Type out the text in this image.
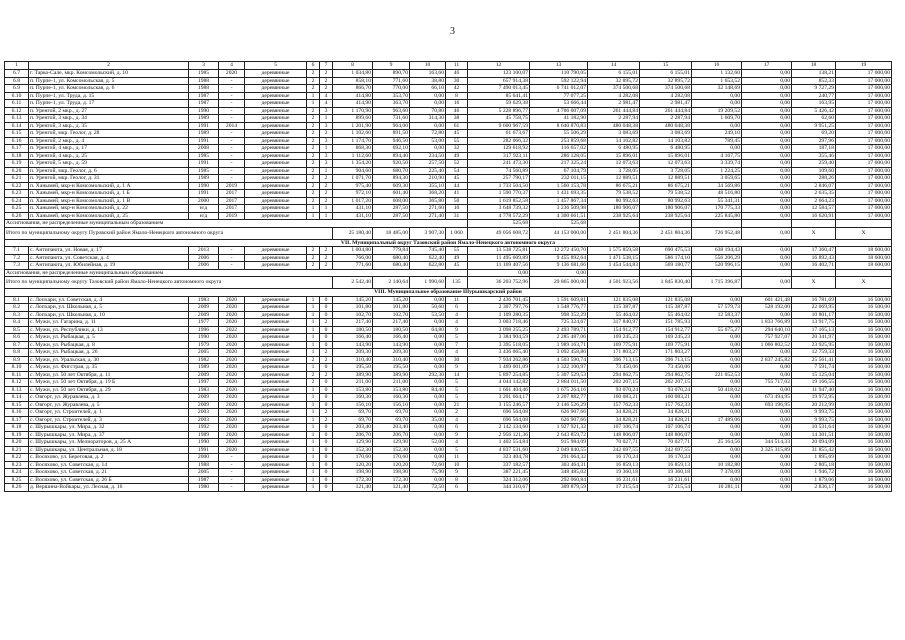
3
1	2	3	4	5	6	7	8	9	10	11	12	13	14	15	16	17	18	19
6.7	г. Тарко-Сале, мкр. Комсомольский, д. 10	1985	2020	деревянные	2	2	1 034,80	890,70	163,60	46	123 100,07	110 790,05	6 155,01	6 155,01	1 132,60	0,00	138,21	17 000,00
6.8	п. Пурпе-1, ул. Комсомольская, д. 5	1988	-	деревянные	2	2	858,10	771,60	38,80	30	657 914,38	592 122,94	32 895,72	32 895,72	1 653,52	0,00	852,33	17 000,00
6.9	п. Пурпе-1, ул. Комсомольская, д. 6	1988	-	деревянные	2	2	866,70	770,00	66,10	42	7 490 013,45	6 741 012,07	374 500,68	374 500,68	32 148,69	0,00	9 727,29	17 000,00
6.10	п. Пурпе-1, ул. Труда, д. 15	1987	-	деревянные	1	4	414,80	353,70	0,00	8	85 641,41	77 077,25	4 282,08	4 282,08	0,00	0,00	240,77	17 000,00
6.11	п. Пурпе-1, ул. Труда, д. 17	1987	-	деревянные	1	4	414,90	363,70	0,00	16	59 629,38	53 666,44	2 981,47	2 981,47	0,00	0,00	163,95	17 000,00
6.12	п. Уренгой, 2 мкр., д. 27	1990	-	деревянные	2	3	1 170,90	963,60	70,80	46	5 228 896,77	4 706 007,09	261 444,84	261 444,84	19 209,52	0,00	5 426,42	17 000,00
6.13	п. Уренгой, 3 мкр., д. 34	1989	-	деревянные	2	1	899,60	731,60	314,30	38	45 758,75	41 182,90	2 287,94	2 287,94	1 609,70	0,00	62,60	17 000,00
6.14	п. Уренгой, 3 мкр., д. 35	1991	2014	деревянные	2	3	1 201,90	964,00	0,00	61	9 600 967,59	8 640 870,83	480 048,38	480 048,38	0,00	0,00	9 951,25	17 000,00
6.15	п. Уренгой, мкр. Геолог, д. 28	1989	-	деревянные	2	2	1 102,60	891,50	72,80	45	61 673,67	55 506,29	3 083,69	3 083,69	249,10	0,00	69,20	17 000,00
6.16	п. Уренгой, 2 мкр., д. 4	1991	-	деревянные	2	3	1 174,70	946,50	53,00	55	282 066,32	253 859,68	14 102,82	14 103,82	789,45	0,00	297,96	17 000,00
6.17	п. Уренгой, 4 мкр., д. 17	2008	-	деревянные	2	1	868,30	692,10	0,00	32	129 618,92	116 657,02	6 480,95	6 480,95	0,00	0,00	187,18	17 000,00
6.18	п. Уренгой, 4 мкр., д. 25	1985	-	деревянные	2	3	1 112,60	894,40	234,50	49	317 923,11	286 128,05	15 896,01	15 896,01	4 167,75	0,00	355,46	17 000,00
6.19	п. Уренгой, 5 мкр., д. 59	1991	-	деревянные	2	3	1 354,20	920,50	257,50	52	241 473,30	217 325,24	12 073,63	12 073,63	3 339,74	0,00	259,40	17 000,00
6.20	п. Уренгой, мкр. Геолог, д. 6	1985	-	деревянные	2	1	904,60	680,70	225,40	54	74 560,89	67 104,79	3 728,05	3 728,05	1 224,25	0,00	109,60	17 000,00
6.21	п. Уренгой, мкр. Геолог, д. 31	1989	-	деревянные	2	2	1 071,70	894,30	210,90	45	257 790,17	232 011,15	12 889,51	12 889,51	3 059,65	0,00	288,26	17 000,00
6.22	п. Ханымей, мкр-н Комсомольский, д. 1 А	1990	2019	деревянные	2	2	975,40	609,30	355,10	44	1 733 504,50	1 560 153,78	86 675,21	86 675,21	34 569,86	0,00	2 846,07	17 000,00
6.23	п. Ханымей, мкр-н Комсомольский, д. 1 Б	1991	2017	деревянные	2	2	972,10	601,40	368,20	41	1 590 770,37	1 431 693,35	79 538,52	79 538,52	48 516,80	0,00	2 635,35	17 000,00
6.24	п. Ханымей, мкр-н Комсомольский, д. 1 В	2000	2017	деревянные	2	2	1 017,20	608,00	365,80	50	1 619 852,58	1 457 867,34	80 992,63	80 992,63	55 341,31	0,00	2 664,23	17 000,00
6.25	п. Ханымей, мкр-н Комсомольский, д. 22	н/д	2017	деревянные	1	1	431,10	287,50	271,60	10	3 648 739,32	3 236 509,98	180 906,07	180 906,07	170 775,33	0,00	12 584,57	17 000,00
6.26	п. Ханымей, мкр-н Комсомольский, д. 25	н/д	2019	деревянные	1	1	431,10	287,50	271,40	31	4 778 572,29	4 300 661,51	238 925,64	238 925,64	225 845,80	0,00	16 620,91	17 000,00
Ассигнования, не распределенные муниципальным образованием											525,68	525,68						
Итого по муниципальному округу Пуровский район Ямало-Ненецкого автономного округа							25 180,40	18 485,00	3 907,30	1 060	49 056 608,72	44 153 000,00	2 451 804,36	2 451 804,36	726 952,48	0,00	X	X
VII. Муниципальный округ Тазовский район Ямало-Ненецкого автономного округа																		
7.1	с. Антипаюта, ул. Новая, д. 17	2013	-	деревянные	2	2	1 004,80	779,84	745,40	55	13 538 725,81	12 272 450,70	1 575 859,58	690 475,53	638 194,43	0,00	17 360,47	18 600,00
7.2	с. Антипаюта, ул. Советская, д. 4	2006	-	деревянные	2	2	766,00	680,40	622,40	49	11 495 609,89	9 455 892,64	1 471 538,15	586 174,10	556 206,29	0,00	16 892,43	18 600,00
7.3	с. Антипаюта, ул. Юбилейная, д. 19	2006	-	деревянные	2	2	771,60	680,40	622,80	45	11 169 407,56	9 136 681,66	1 454 544,83	569 180,77	520 996,15	0,00	16 402,71	18 600,00
Ассигнования, не распределенные муниципальным образованием											0,00	0,00						
Итого по муниципальному округу Тазовский район Ямало-Ненецкого автономного округа							2 542,40	2 140,64	1 990,60	135	36 203 752,96	29 865 000,00	4 501 923,56	1 845 830,40	1 715 396,87	0,00	X	X
VIII. Муниципальное образование Шурышкарский район																		
8.1	с. Лопхари, ул. Советская, д. 4	1983	2020	деревянные	1	0	145,20	145,20	0,00	11	2 436 701,45	1 591 609,81	121 835,08	121 835,08	0,00	601 421,48	16 781,69	16 500,00
8.2	с. Лопхари, ул. Школьная, д. 5	2009	2020	деревянные	1	0	101,80	101,80	50,60	6	2 307 797,76	1 548 776,77	115 387,87	115 387,87	57 579,73	528 192,00	22 069,95	16 500,00
8.3	с. Лопхари, ул. Школьная, д. 10	2009	2020	деревянные	1	0	102,70	102,70	53,50	4	1 109 280,35	998 352,29	55 464,02	55 464,02	12 583,37	0,00	10 801,17	16 500,00
8.4	с. Мужи, ул. Гагарина, д. 11	1977	2020	деревянные	1	2	217,40	217,40	0,00	4	3 003 718,46	725 324,67	317 840,97	151 785,93	0,00	1 833 766,89	13 917,75	16 500,00
8.5	с. Мужи, ул. Республики, д. 13	1996	2022	деревянные	1	0	180,50	180,50	64,80	9	3 098 255,25	2 493 789,71	154 912,77	154 912,77	55 675,27	294 640,10	17 165,13	16 500,00
8.6	с. Мужи, ул. Рыбацкая, д. 5	1990	2020	деревянные	1	0	166,40	166,40	0,00	5	3 384 904,59	2 285 487,06	169 245,23	169 245,23	0,00	757 927,07	20 341,97	16 500,00
8.7	с. Мужи, ул. Рыбацкая, д. 8	1979	2020	деревянные	1	0	143,90	143,90	0,00	7	3 395 518,05	1 989 163,71	169 775,91	169 775,91	0,00	1 066 802,52	23 925,95	16 500,00
8.8	с. Мужи, ул. Рыбацкая, д. 26	2005	2020	деревянные	1	2	209,30	209,30	0,00	4	3 436 065,40	3 092 458,86	171 803,27	171 803,27	0,00	0,00	12 759,33	16 500,00
8.9	с. Мужи, ул. Уральская, д. 30	1982	2020	деревянные	2	2	310,40	310,40	0,00	30	7 934 262,86	4 503 590,74	396 713,15	396 713,15	0,00	2 837 245,82	25 561,41	16 500,00
8.10	с. Мужи, ул. Фигстрая, д. 35	1989	2020	деревянные	1	0	195,50	195,50	0,00	9	1 469 001,09	1 322 100,97	73 450,06	73 450,06	0,00	0,00	7 591,74	16 500,00
8.11	с. Мужи, ул. 50 лет Октября, д. 11	2009	2020	деревянные	2	2	389,90	389,90	292,30	14	5 897 254,85	5 307 529,53	294 862,75	294 862,75	221 052,53	0,00	15 125,04	16 500,00
8.12	с. Мужи, ул. 50 лет Октября, д. 19 Б	1997	2020	деревянные	2	0	211,00	211,00	0,00	5	4 044 142,82	2 884 011,50	202 207,15	202 207,15	0,00	755 717,02	19 166,55	16 500,00
8.13	с. Мужи, ул. 50 лет Октября, д. 29	1983	2020	деревянные	1	0	153,80	153,80	84,40	5	1 601 404,46	1 675 264,16	93 070,24	93 070,24	50 418,02	0,00	11 947,40	16 500,00
8.14	с. Овгорт, ул. Журавлева, д. 3	2009	2020	деревянные	1	0	160,30	160,30	0,00	5	3 201 664,17	2 207 882,77	160 083,21	160 083,21	0,00	673 494,95	19 972,95	16 500,00
8.15	с. Овгорт, ул. Журавлева, д. 5	2009	2020	деревянные	1	0	156,10	156,10	0,00	21	3 155 246,57	2 146 526,29	157 762,33	157 762,33	0,00	693 196,95	20 212,99	16 500,00
8.16	с. Овгорт, ул. Строителей, д. 1	2003	2020	деревянные	1	2	69,70	69,70	0,00	2	696 564,08	626 907,66	34 828,21	34 828,21	0,00	0,00	9 993,75	16 500,00
8.17	с. Овгорт, ул. Строителей, д. 3	2003	2020	деревянные	1	2	69,70	69,70	35,00	4	696 564,08	626 907,66	34 828,21	34 828,21	17 489,06	0,00	9 993,75	16 500,00
8.18	с. Шурышкары, ул. Мира, д. 32	1992	2020	деревянные	1	0	203,40	203,40	0,00	6	2 142 134,60	1 927 921,32	107 106,74	107 106,74	0,00	0,00	10 531,64	16 500,00
8.19	с. Шурышкары, ул. Мира, д. 37	1989	2020	деревянные	1	0	206,70	206,70	0,00	9	2 956 121,36	2 643 859,72	148 806,07	148 806,07	0,00	0,00	14 301,51	16 500,00
8.20	с. Шурышкары, ул. Мелиораторов, д. 25 А	1990	2020	деревянные	1	0	129,90	129,90	52,00	4	1 402 554,84	915 984,09	70 027,71	70 027,71	25 164,56	344 514,33	20 094,09	16 500,00
8.21	с. Шурышкары, ул. Центральная, д. 18	1991	2020	деревянные	1	0	152,30	152,30	0,00	5	4 837 531,60	2 049 840,55	242 697,55	242 697,55	0,00	2 325 315,89	31 855,42	16 500,00
8.22	с. Восяхово, ул. Береговая, д. 2	2000	-	деревянные	1	0	170,60	170,60	0,00	11	323 404,78	291 064,32	16 170,24	16 170,24	0,00	0,00	1 895,69	16 500,00
8.23	с. Восяхово, ул. Советская, д. 14	1988	-	деревянные	1	0	120,20	120,20	72,60	10	337 182,57	303 464,31	16 859,13	16 859,13	10 182,80	0,00	2 805,18	16 500,00
8.24	с. Восяхово, ул. Советская, д. 21	2005	-	деревянные	1	0	198,90	198,90	75,90	9	387 221,45	348 485,02	19 360,18	19 360,18	7 378,09	0,00	1 946,72	16 500,00
8.25	с. Восяхово, ул. Советская, д. 26 Б	1987	-	деревянные	1	0	172,30	172,30	0,00	8	324 312,06	292 060,84	16 231,61	16 231,61	0,00	0,00	1 879,06	16 500,00
8.26	д. Вершина-Войкары, ул. Лесная, д. 16	1980	-	деревянные	1	0	121,40	121,40	72,50	6	344 310,67	309 879,59	17 215,54	17 215,54	10 281,11	0,00	2 836,17	16 500,00
